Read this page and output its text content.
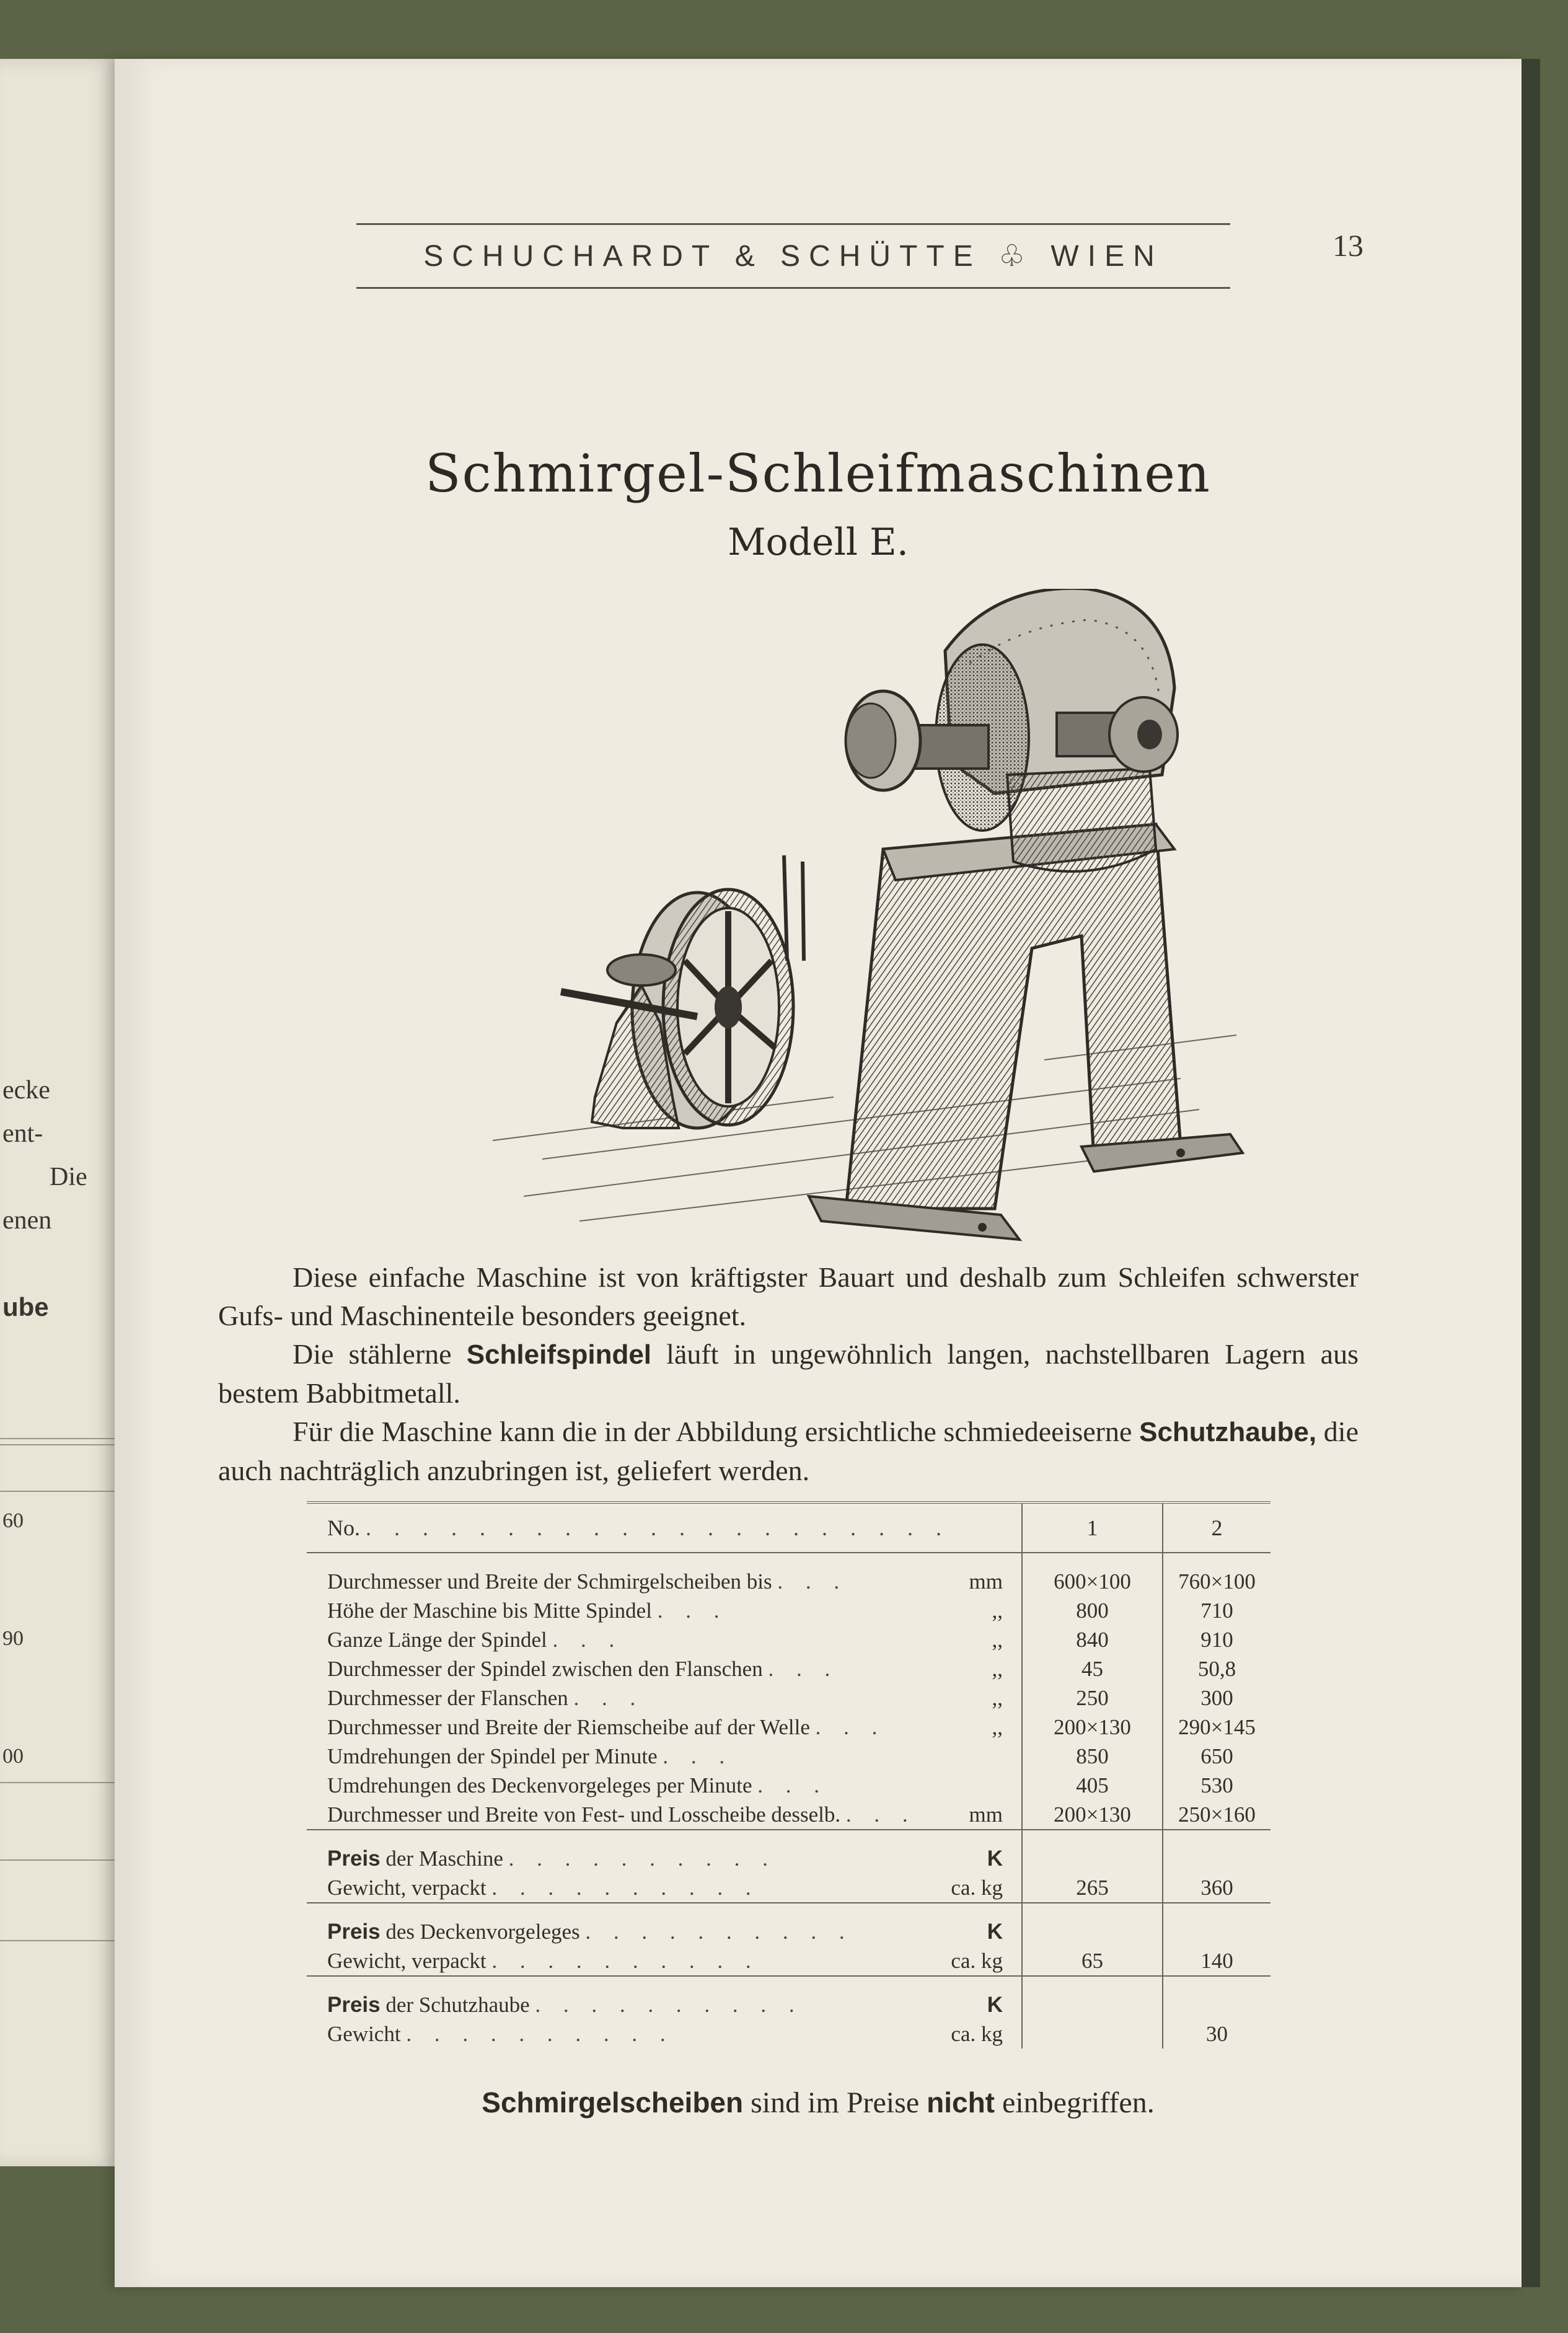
ecke
ent-
Die
enen
ube
60
90
00
SCHUCHARDT & SCHÜTTE ♧ WIEN	13
Schmirgel-Schleifmaschinen
Modell E.

Diese einfache Maschine ist von kräftigster Bauart und deshalb zum Schleifen schwerster Gufs- und Maschinenteile besonders geeignet.

Die stählerne Schleifspindel läuft in ungewöhnlich langen, nachstellbaren Lagern aus bestem Babbitmetall.

Für die Maschine kann die in der Abbildung ersichtliche schmiedeeiserne Schutzhaube, die auch nachträglich anzubringen ist, geliefert werden.

No. . . . . . . . . . . . . . . . . . . . . .	1	2

Durchmesser und Breite der Schmirgelscheiben bis . . . mm	600×100	760×100
Höhe der Maschine bis Mitte Spindel . . . ,,	800	710
Ganze Länge der Spindel . . . ,,	840	910
Durchmesser der Spindel zwischen den Flanschen . . . ,,	45	50,8
Durchmesser der Flanschen . . . ,,	250	300
Durchmesser und Breite der Riemscheibe auf der Welle . . . ,,	200×130	290×145
Umdrehungen der Spindel per Minute . . .	850	650
Umdrehungen des Deckenvorgeleges per Minute . . .	405	530
Durchmesser und Breite von Fest- und Losscheibe desselb. . . . mm	200×130	250×160

Preis der Maschine . . . . . . . . . . K		

Gewicht, verpackt . . . . . . . . . . ca. kg	265	360

Preis des Deckenvorgeleges . . . . . . . . . . K		

Gewicht, verpackt . . . . . . . . . . ca. kg	65	140

Preis der Schutzhaube . . . . . . . . . . K		

Gewicht . . . . . . . . . . ca. kg		30
Schmirgelscheiben sind im Preise nicht einbegriffen.
